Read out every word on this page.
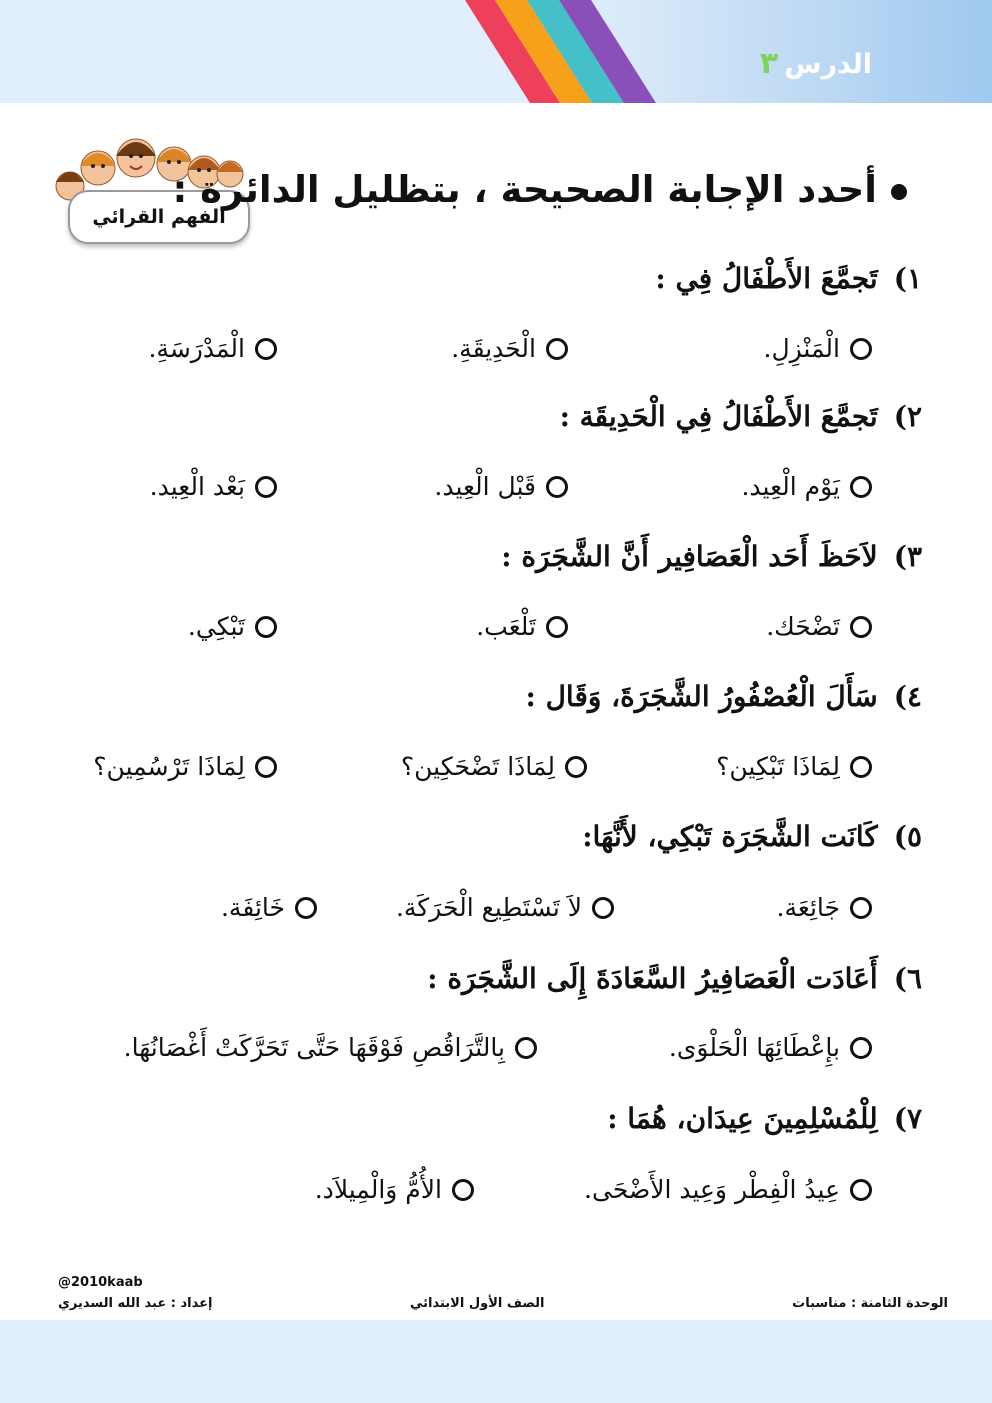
الدرس٣
الفهم القرائي
أحدد الإجابة الصحيحة ، بتظليل الدائرة :
١)تَجمَّعَ الأَطْفَالُ فِي :
الْمَنْزِلِ.
الْحَدِيقَةِ.
الْمَدْرَسَةِ.
٢)تَجمَّعَ الأَطْفَالُ فِي الْحَدِيقَة :
يَوْم الْعِيد.
قَبْل الْعِيد.
بَعْد الْعِيد.
٣)لاَحَظَ أَحَد الْعَصَافِير أَنَّ الشَّجَرَة :
تَضْحَك.
تَلْعَب.
تَبْكِي.
٤)سَأَلَ الْعُصْفُورُ الشَّجَرَةَ، وَقَال :
لِمَاذَا تَبْكِين؟
لِمَاذَا تَضْحَكِين؟
لِمَاذَا تَرْسُمِين؟
٥)كَانَت الشَّجَرَة تَبْكِي، لأَنَّهَا:
جَائِعَة.
لاَ تَسْتَطِيع الْحَرَكَة.
خَائِفَة.
٦)أَعَادَت الْعَصَافِيرُ السَّعَادَةَ إِلَى الشَّجَرَة :
بإِعْطَائِهَا الْحَلْوَى.
بِالتَّرَاقُصِ فَوْقَهَا حَتَّى تَحَرَّكَتْ أَغْصَانُهَا.
٧)لِلْمُسْلِمِينَ عِيدَان، هُمَا :
عِيدُ الْفِطْر وَعِيد الأَضْحَى.
الأُمُّ وَالْمِيلاَد.
@2010kaab
إعداد : عبد الله السديري	الصف الأول الابتدائي	الوحدة الثامنة : مناسبات
